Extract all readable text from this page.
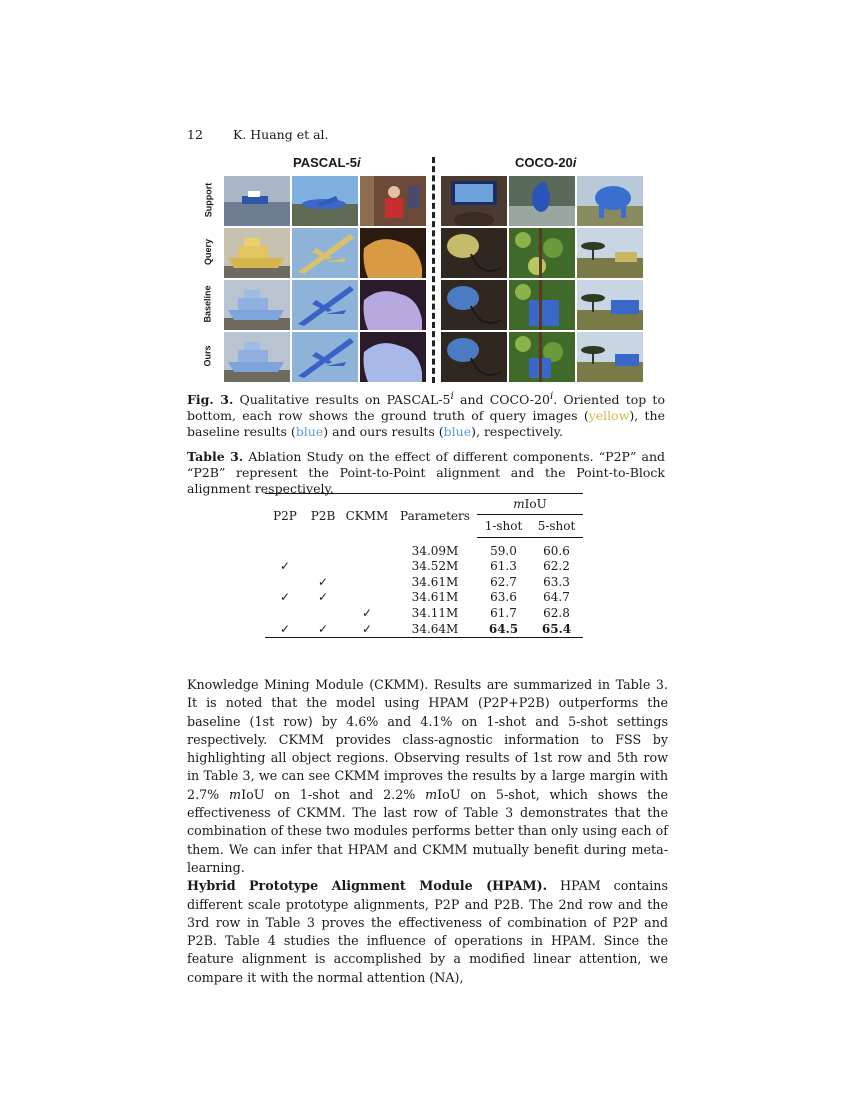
12 K. Huang et al.
PASCAL-5i	COCO-20i
Support
Query
Baseline
Ours
Fig. 3. Qualitative results on PASCAL-5$^i$ and COCO-20$^i$. Oriented top to bottom, each row shows the ground truth of query images (yellow), the baseline results (blue) and ours results (blue), respectively.
Table 3. Ablation Study on the effect of different components. “P2P” and “P2B” represent the Point-to-Point alignment and the Point-to-Block alignment respectively.
P2P	P2B	CKMM	Parameters	mIoU	
				1-shot	5-shot

			34.09M	59.0	60.6
✓			34.52M	61.3	62.2
	✓		34.61M	62.7	63.3
✓	✓		34.61M	63.6	64.7
		✓	34.11M	61.7	62.8
✓	✓	✓	34.64M	64.5	65.4

Knowledge Mining Module (CKMM). Results are summarized in Table 3. It is noted that the model using HPAM (P2P+P2B) outperforms the baseline (1st row) by 4.6% and 4.1% on 1-shot and 5-shot settings respectively. CKMM provides class-agnostic information to FSS by highlighting all object regions. Observing results of 1st row and 5th row in Table 3, we can see CKMM improves the results by a large margin with 2.7% mIoU on 1-shot and 2.2% mIoU on 5-shot, which shows the effectiveness of CKMM. The last row of Table 3 demonstrates that the combination of these two modules performs better than only using each of them. We can infer that HPAM and CKMM mutually benefit during meta-learning.

Hybrid Prototype Alignment Module (HPAM). HPAM contains different scale prototype alignments, P2P and P2B. The 2nd row and the 3rd row in Table 3 proves the effectiveness of combination of P2P and P2B. Table 4 studies the influence of operations in HPAM. Since the feature alignment is accomplished by a modified linear attention, we compare it with the normal attention (NA),
